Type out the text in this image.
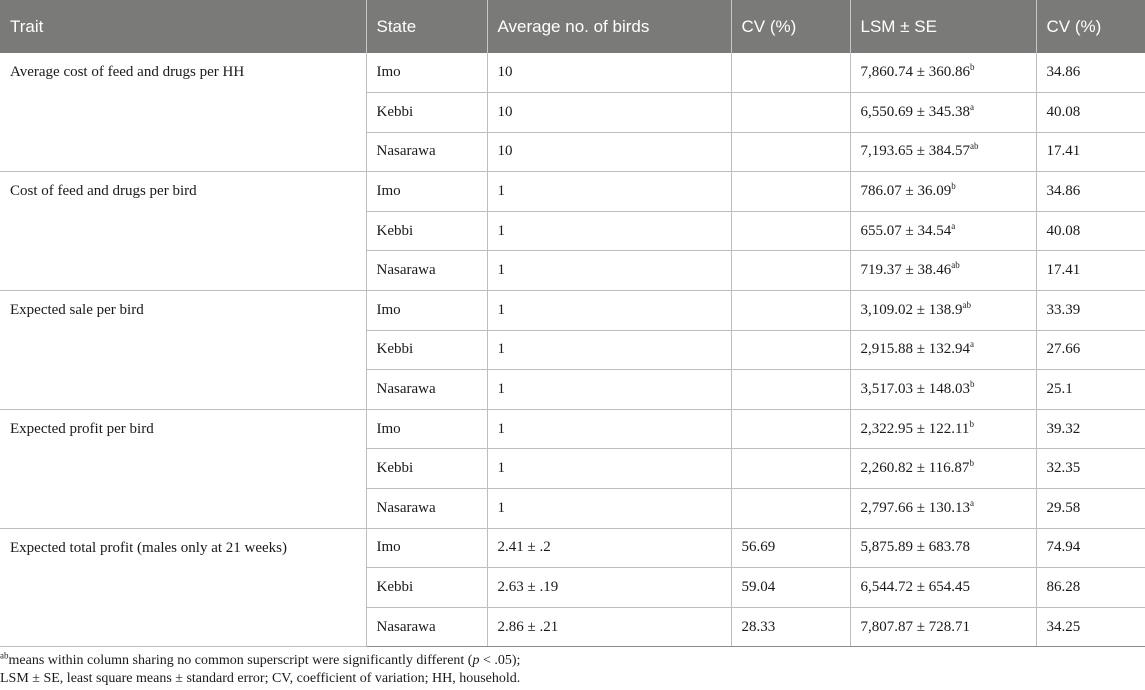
Trait	State	Average no. of birds	CV (%)	LSM ± SE	CV (%)
Average cost of feed and drugs per HH	Imo	10		7,860.74 ± 360.86$^b$	34.86
	Kebbi	10		6,550.69 ± 345.38$^a$	40.08
	Nasarawa	10		7,193.65 ± 384.57$^{ab}$	17.41
Cost of feed and drugs per bird	Imo	1		786.07 ± 36.09$^b$	34.86
	Kebbi	1		655.07 ± 34.54$^a$	40.08
	Nasarawa	1		719.37 ± 38.46$^{ab}$	17.41
Expected sale per bird	Imo	1		3,109.02 ± 138.9$^{ab}$	33.39
	Kebbi	1		2,915.88 ± 132.94$^a$	27.66
	Nasarawa	1		3,517.03 ± 148.03$^b$	25.1
Expected profit per bird	Imo	1		2,322.95 ± 122.11$^b$	39.32
	Kebbi	1		2,260.82 ± 116.87$^b$	32.35
	Nasarawa	1		2,797.66 ± 130.13$^a$	29.58
Expected total profit (males only at 21 weeks)	Imo	2.41 ± .2	56.69	5,875.89 ± 683.78	74.94
	Kebbi	2.63 ± .19	59.04	6,544.72 ± 654.45	86.28
	Nasarawa	2.86 ± .21	28.33	7,807.87 ± 728.71	34.25

$^{ab}$means within column sharing no common superscript were significantly different (p < .05);

LSM ± SE, least square means ± standard error; CV, coefficient of variation; HH, household.
